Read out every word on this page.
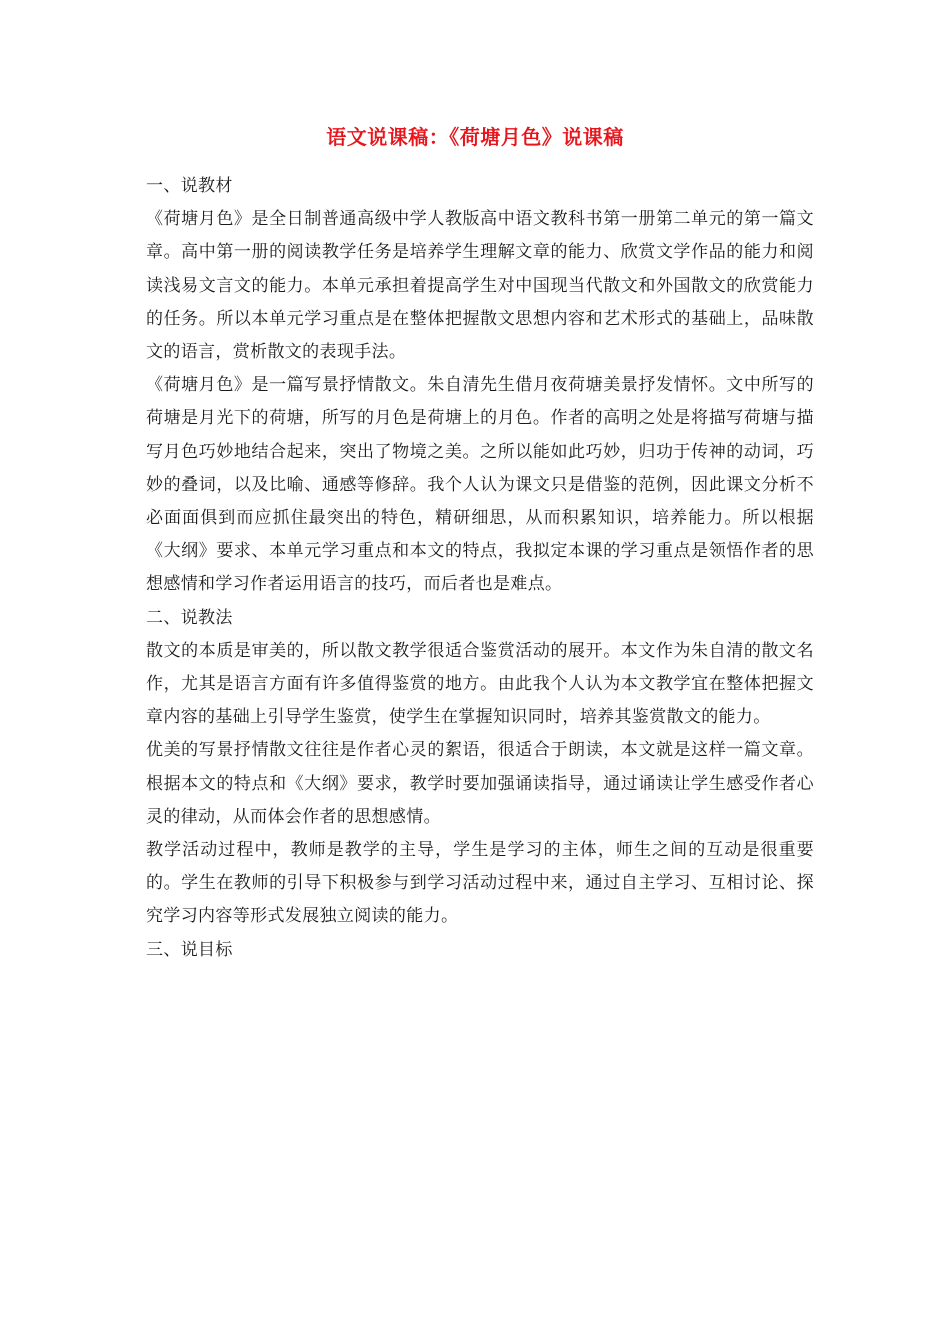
语文说课稿：《荷塘月色》说课稿
一、说教材

《荷塘月色》是全日制普通高级中学人教版高中语文教科书第一册第二单元的第一篇文章。高中第一册的阅读教学任务是培养学生理解文章的能力、欣赏文学作品的能力和阅读浅易文言文的能力。本单元承担着提高学生对中国现当代散文和外国散文的欣赏能力的任务。所以本单元学习重点是在整体把握散文思想内容和艺术形式的基础上，品味散文的语言，赏析散文的表现手法。

《荷塘月色》是一篇写景抒情散文。朱自清先生借月夜荷塘美景抒发情怀。文中所写的荷塘是月光下的荷塘，所写的月色是荷塘上的月色。作者的高明之处是将描写荷塘与描写月色巧妙地结合起来，突出了物境之美。之所以能如此巧妙，归功于传神的动词，巧妙的叠词，以及比喻、通感等修辞。我个人认为课文只是借鉴的范例，因此课文分析不必面面俱到而应抓住最突出的特色，精研细思，从而积累知识，培养能力。所以根据《大纲》要求、本单元学习重点和本文的特点，我拟定本课的学习重点是领悟作者的思想感情和学习作者运用语言的技巧，而后者也是难点。

二、说教法

散文的本质是审美的，所以散文教学很适合鉴赏活动的展开。本文作为朱自清的散文名作，尤其是语言方面有许多值得鉴赏的地方。由此我个人认为本文教学宜在整体把握文章内容的基础上引导学生鉴赏，使学生在掌握知识同时，培养其鉴赏散文的能力。

优美的写景抒情散文往往是作者心灵的絮语，很适合于朗读，本文就是这样一篇文章。根据本文的特点和《大纲》要求，教学时要加强诵读指导，通过诵读让学生感受作者心灵的律动，从而体会作者的思想感情。

教学活动过程中，教师是教学的主导，学生是学习的主体，师生之间的互动是很重要的。学生在教师的引导下积极参与到学习活动过程中来，通过自主学习、互相讨论、探究学习内容等形式发展独立阅读的能力。

三、说目标
